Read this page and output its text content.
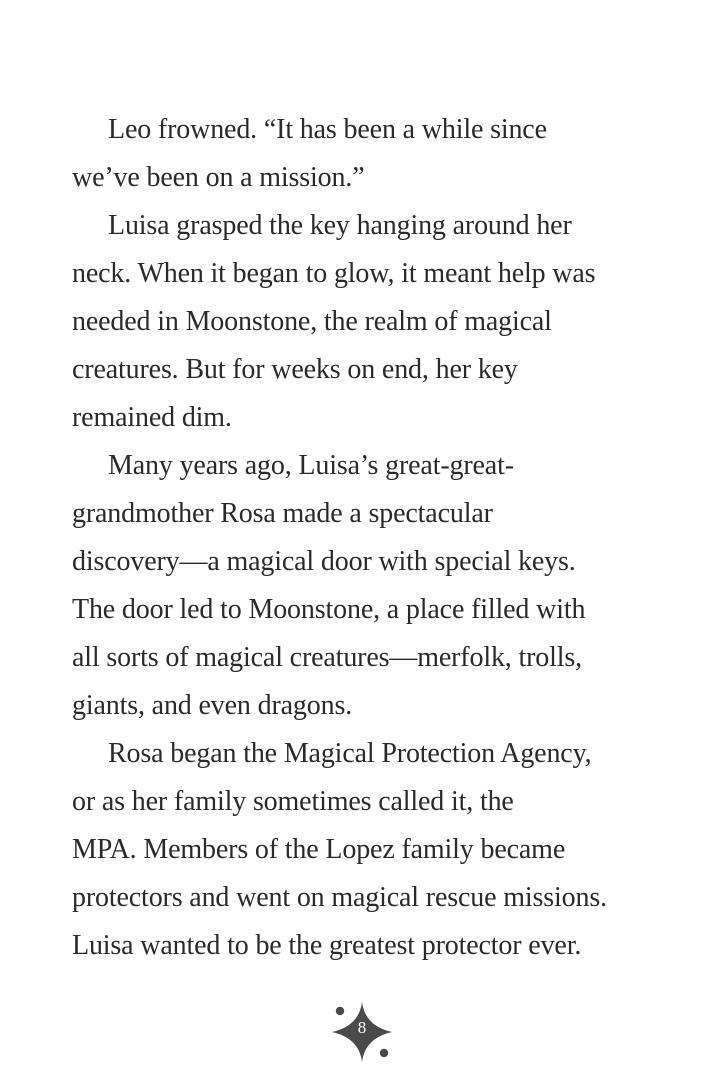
Leo frowned. “It has been a while since
we’ve been on a mission.”
Luisa grasped the key hanging around her
neck. When it began to glow, it meant help was
needed in Moonstone, the realm of magical
creatures. But for weeks on end, her key
remained dim.
Many years ago, Luisa’s great-great-
grandmother Rosa made a spectacular
discovery—a magical door with special keys.
The door led to Moonstone, a place filled with
all sorts of magical creatures—merfolk, trolls,
giants, and even dragons.
Rosa began the Magical Protection Agency,
or as her family sometimes called it, the
MPA. Members of the Lopez family became
protectors and went on magical rescue missions.
Luisa wanted to be the greatest protector ever.
8
